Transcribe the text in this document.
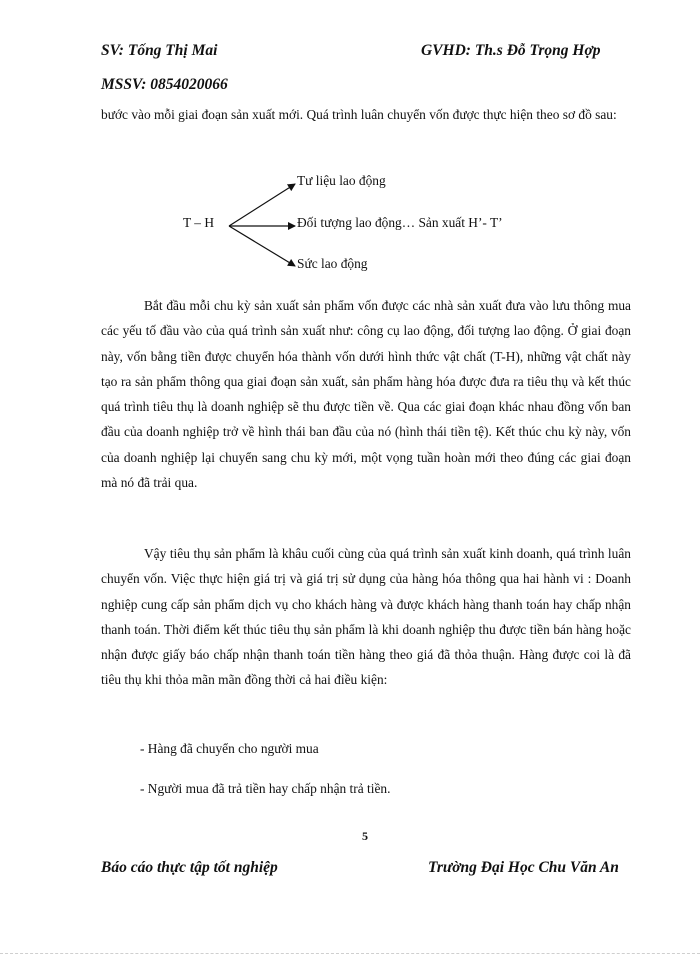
SV: Tống Thị Mai	GVHD: Th.s Đỗ Trọng Hợp
MSSV: 0854020066

bước vào mỗi giai đoạn sản xuất mới. Quá trình luân chuyển vốn được thực hiện theo sơ đồ sau:

T – H
Tư liệu lao động
Đối tượng lao động… Sản xuất H’- T’
Sức lao động

Bắt đầu mỗi chu kỳ sản xuất sản phẩm vốn được các nhà sản xuất đưa vào lưu thông mua các yếu tố đầu vào của quá trình sản xuất như: công cụ lao động, đối tượng lao động. Ở giai đoạn này, vốn bằng tiền được chuyển hóa thành vốn dưới hình thức vật chất (T-H), những vật chất này tạo ra sản phẩm thông qua giai đoạn sản xuất, sản phẩm hàng hóa được đưa ra tiêu thụ và kết thúc quá trình tiêu thụ là doanh nghiệp sẽ thu được tiền về. Qua các giai đoạn khác nhau đồng vốn ban đầu của doanh nghiệp trở về hình thái ban đầu của nó (hình thái tiền tệ). Kết thúc chu kỳ này, vốn của doanh nghiệp lại chuyển sang chu kỳ mới, một vọng tuần hoàn mới theo đúng các giai đoạn mà nó đã trải qua.

Vậy tiêu thụ sản phẩm là khâu cuối cùng của quá trình sản xuất kinh doanh, quá trình luân chuyển vốn. Việc thực hiện giá trị và giá trị sử dụng của hàng hóa thông qua hai hành vi : Doanh nghiệp cung cấp sản phẩm dịch vụ cho khách hàng và được khách hàng thanh toán hay chấp nhận thanh toán. Thời điểm kết thúc tiêu thụ sản phẩm là khi doanh nghiệp thu được tiền bán hàng hoặc nhận được giấy báo chấp nhận thanh toán tiền hàng theo giá đã thỏa thuận. Hàng được coi là đã tiêu thụ khi thỏa mãn mãn đồng thời cả hai điều kiện:

- Hàng đã chuyển cho người mua
- Người mua đã trả tiền hay chấp nhận trả tiền.
5
Báo cáo thực tập tốt nghiệp	Trường Đại Học Chu Văn An
